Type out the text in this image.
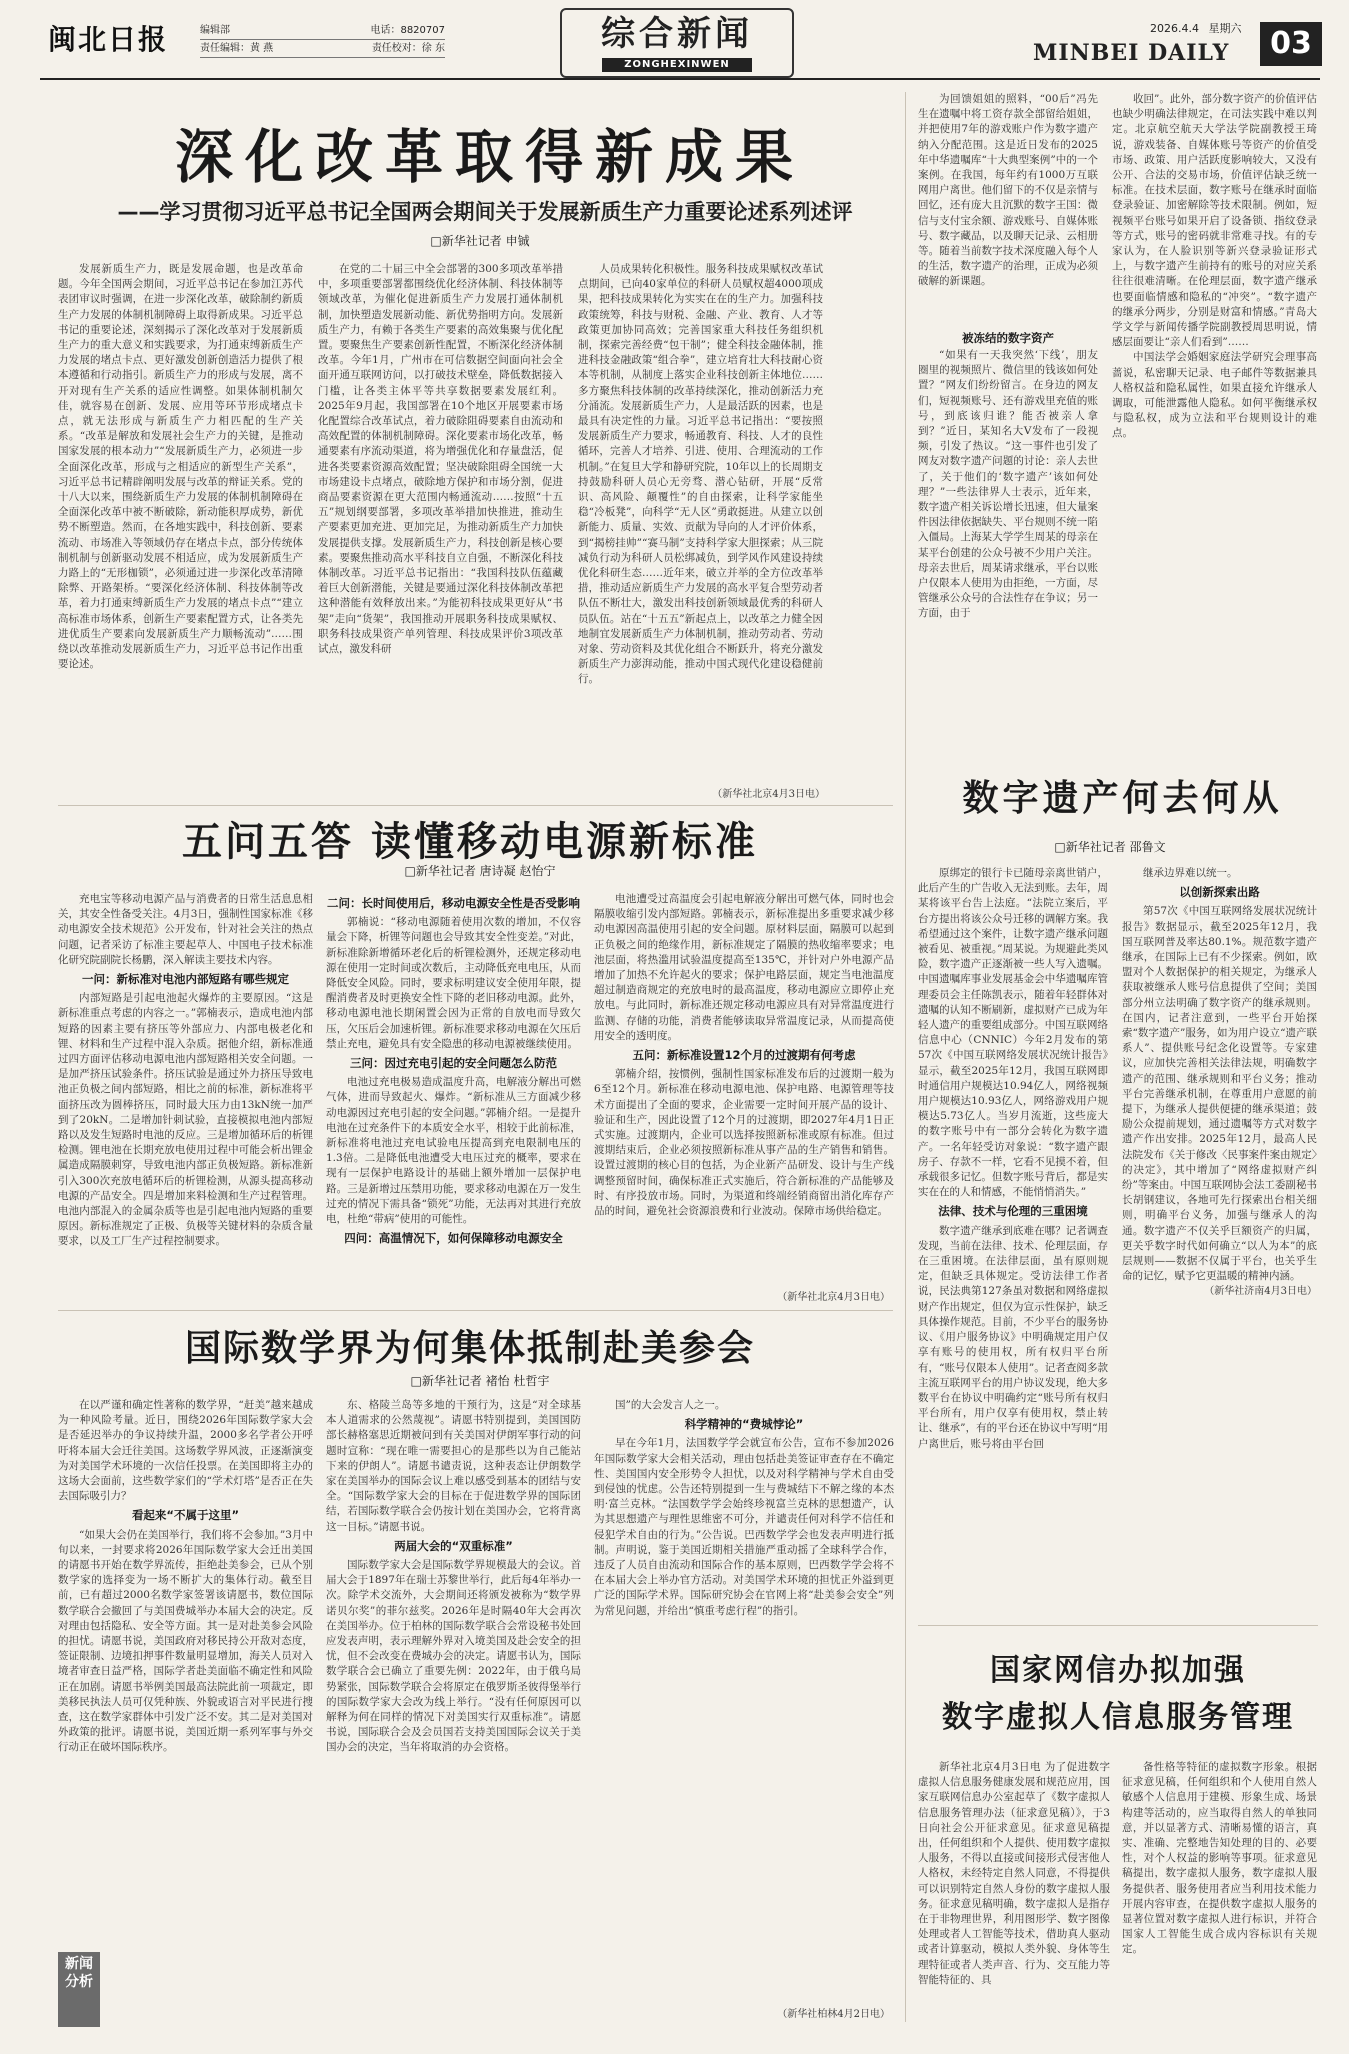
闽北日报	编辑部	电话：8820707
责任编辑：黄 燕	责任校对：徐 东	综合新闻
ZONGHEXINWEN
2026.4.4 星期六
MINBEI DAILY	03
深化改革取得新成果
——学习贯彻习近平总书记全国两会期间关于发展新质生产力重要论述系列述评
□新华社记者 申铖

发展新质生产力，既是发展命题，也是改革命题。今年全国两会期间，习近平总书记在参加江苏代表团审议时强调，在进一步深化改革，破除制约新质生产力发展的体制机制障碍上取得新成果。习近平总书记的重要论述，深刻揭示了深化改革对于发展新质生产力的重大意义和实践要求，为打通束缚新质生产力发展的堵点卡点、更好激发创新创造活力提供了根本遵循和行动指引。新质生产力的形成与发展，离不开对现有生产关系的适应性调整。如果体制机制欠佳，就容易在创新、发展、应用等环节形成堵点卡点，就无法形成与新质生产力相匹配的生产关系。“改革是解放和发展社会生产力的关键，是推动国家发展的根本动力”“发展新质生产力，必须进一步全面深化改革，形成与之相适应的新型生产关系”，习近平总书记精辟阐明发展与改革的辩证关系。党的十八大以来，围绕新质生产力发展的体制机制障碍在全面深化改革中被不断破除，新动能积厚成势，新优势不断塑造。然而，在各地实践中，科技创新、要素流动、市场准入等领域仍存在堵点卡点，部分传统体制机制与创新驱动发展不相适应，成为发展新质生产力路上的“无形枷锁”，必须通过进一步深化改革清障除弊、开路架桥。“要深化经济体制、科技体制等改革，着力打通束缚新质生产力发展的堵点卡点”“建立高标准市场体系，创新生产要素配置方式，让各类先进优质生产要素向发展新质生产力顺畅流动”……围绕以改革推动发展新质生产力，习近平总书记作出重要论述。

在党的二十届三中全会部署的300多项改革举措中，多项重要部署都围绕优化经济体制、科技体制等领域改革，为催化促进新质生产力发展打通体制机制，加快塑造发展新动能、新优势指明方向。发展新质生产力，有赖于各类生产要素的高效集聚与优化配置。要聚焦生产要素创新性配置，不断深化经济体制改革。今年1月，广州市在可信数据空间面向社会全面开通互联网访问，以打破技术壁垒，降低数据接入门槛，让各类主体平等共享数据要素发展红利。2025年9月起，我国部署在10个地区开展要素市场化配置综合改革试点，着力破除阻碍要素自由流动和高效配置的体制机制障碍。深化要素市场化改革，畅通要素有序流动渠道，将为增强优化和存量盘活，促进各类要素资源高效配置；坚决破除阻碍全国统一大市场建设卡点堵点，破除地方保护和市场分割，促进商品要素资源在更大范围内畅通流动……按照“十五五”规划纲要部署，多项改革举措加快推进，推动生产要素更加充进、更加完足，为推动新质生产力加快发展提供支撑。发展新质生产力，科技创新是核心要素。要聚焦推动高水平科技自立自强，不断深化科技体制改革。习近平总书记指出：“我国科技队伍蕴藏着巨大创新潜能，关键是要通过深化科技体制改革把这种潜能有效释放出来。”为能初科技成果更好从“书架”走向“货架”，我国推动开展职务科技成果赋权、职务科技成果资产单列管理、科技成果评价3项改革试点，激发科研

人员成果转化积极性。服务科技成果赋权改革试点期间，已向40家单位的科研人员赋权超4000项成果，把科技成果转化为实实在在的生产力。加强科技政策统筹，科技与财税、金融、产业、教育、人才等政策更加协同高效；完善国家重大科技任务组织机制，探索完善经费“包干制”；健全科技金融体制，推进科技金融政策“组合拳”，建立培育壮大科技耐心资本等机制，从制度上落实企业科技创新主体地位……多方聚焦科技体制的改革持续深化，推动创新活力充分涌流。发展新质生产力，人是最活跃的因素，也是最具有决定性的力量。习近平总书记指出：“要按照发展新质生产力要求，畅通教育、科技、人才的良性循环，完善人才培养、引进、使用、合理流动的工作机制。”在复旦大学和静研究院，10年以上的长周期支持鼓励科研人员心无旁骛、潜心钻研，开展“反常识、高风险、颠覆性”的自由探索，让科学家能坐稳“冷板凳”，向科学“无人区”勇敢挺进。从建立以创新能力、质量、实效、贡献为导向的人才评价体系，到“揭榜挂帅”“赛马制”支持科学家大胆探索；从三院减负行动为科研人员松绑减负，到学风作风建设持续优化科研生态……近年来，破立并举的全方位改革举措，推动适应新质生产力发展的高水平复合型劳动者队伍不断壮大，激发出科技创新领域最优秀的科研人员队伍。站在“十五五”新起点上，以改革之力健全因地制宜发展新质生产力体制机制，推动劳动者、劳动对象、劳动资料及其优化组合不断跃升，将充分激发新质生产力澎湃动能，推动中国式现代化建设稳健前行。

（新华社北京4月3日电）

为回馈姐姐的照料，“00后”冯先生在遗嘱中将工资存款全部留给姐姐，并把使用7年的游戏账户作为数字遗产纳入分配范围。这是近日发布的2025年中华遗嘱库“十大典型案例”中的一个案例。在我国，每年约有1000万互联网用户离世。他们留下的不仅是亲情与回忆，还有庞大且沉默的数字王国：微信与支付宝余额、游戏账号、自媒体账号、数字藏品，以及聊天记录、云相册等。随着当前数字技术深度融入每个人的生活，数字遗产的治理，正成为必须破解的新课题。

被冻结的数字资产

“如果有一天我突然‘下线’，朋友圈里的视频照片、微信里的钱该如何处置？”网友们纷纷留言。在身边的网友们，短视频账号、还有游戏里充值的账号，到底该归谁？能否被亲人拿到？”近日，某知名大V发布了一段视频，引发了热议。“这一事件也引发了网友对数字遗产问题的讨论：亲人去世了，关于他们的‘数字遗产’该如何处理？”一些法律界人士表示，近年来，数字遗产相关诉讼增长迅速，但大量案件因法律依据缺失、平台规则不统一陷入僵局。上海某大学学生周某的母亲在某平台创建的公众号被不少用户关注。母亲去世后，周某请求继承，平台以账户仅限本人使用为由拒绝，一方面，尽管继承公众号的合法性存在争议；另一方面，由于

收回”。此外，部分数字资产的价值评估也缺少明确法律规定，在司法实践中难以判定。北京航空航天大学法学院副教授王琦说，游戏装备、自媒体账号等资产的价值受市场、政策、用户活跃度影响较大，又没有公开、合法的交易市场，价值评估缺乏统一标准。在技术层面，数字账号在继承时面临登录验证、加密解除等技术限制。例如，短视频平台账号如果开启了设备锁、指纹登录等方式，账号的密码就非常难寻找。有的专家认为，在人脸识别等新兴登录验证形式上，与数字遗产生前持有的账号的对应关系往往很难清晰。在伦理层面，数字遗产继承也要面临情感和隐私的“冲突”。“数字遗产的继承分两步，分别是财富和情感。”青岛大学文学与新闻传播学院副教授周思明说，情感层面要让“亲人们看到”……

中国法学会婚姻家庭法学研究会理事高蔷说，私密聊天记录、电子邮件等数据兼具人格权益和隐私属性，如果直接允许继承人调取，可能泄露他人隐私。如何平衡继承权与隐私权，成为立法和平台规则设计的难点。

数字遗产何去何从
□新华社记者 邵鲁文

原绑定的银行卡已随母亲离世销户，此后产生的广告收入无法到账。去年，周某将该平台告上法庭。“法院立案后，平台方提出将该公众号迁移的调解方案。我希望通过这个案件，让数字遗产继承问题被看见、被重视。”周某说。为规避此类风险，数字遗产正逐渐被一些人写入遗嘱。中国遗嘱库事业发展基金会中华遗嘱库管理委员会主任陈凯表示，随着年轻群体对遗嘱的认知不断刷新，虚拟财产已成为年轻人遗产的重要组成部分。中国互联网络信息中心（CNNIC）今年2月发布的第57次《中国互联网络发展状况统计报告》显示，截至2025年12月，我国互联网即时通信用户规模达10.94亿人，网络视频用户规模达10.93亿人，网络游戏用户规模达5.73亿人。当岁月流逝，这些庞大的数字账号中有一部分会转化为数字遗产。一名年轻受访对象说：“数字遗产跟房子、存款不一样，它看不见摸不着，但承载很多记忆。但数字账号背后，都是实实在在的人和情感，不能悄悄消失。”

法律、技术与伦理的三重困境

数字遗产继承到底难在哪？记者调查发现，当前在法律、技术、伦理层面，存在三重困境。在法律层面，虽有原则规定，但缺乏具体规定。受访法律工作者说，民法典第127条虽对数据和网络虚拟财产作出规定，但仅为宣示性保护，缺乏具体操作规范。目前，不少平台的服务协议、《用户服务协议》中明确规定用户仅享有账号的使用权，所有权归平台所有，“账号仅限本人使用”。记者查阅多款主流互联网平台的用户协议发现，绝大多数平台在协议中明确约定“账号所有权归平台所有，用户仅享有使用权，禁止转让、继承”，有的平台还在协议中写明“用户离世后，账号将由平台回

继承边界难以统一。

以创新探索出路

第57次《中国互联网络发展状况统计报告》数据显示，截至2025年12月，我国互联网普及率达80.1%。规范数字遗产继承，在国际上已有不少探索。例如，欧盟对个人数据保护的相关规定，为继承人获取被继承人账号信息提供了空间；美国部分州立法明确了数字资产的继承规则。在国内，记者注意到，一些平台开始探索“数字遗产”服务，如为用户设立“遗产联系人”、提供账号纪念化设置等。专家建议，应加快完善相关法律法规，明确数字遗产的范围、继承规则和平台义务；推动平台完善继承机制，在尊重用户意愿的前提下，为继承人提供便捷的继承渠道；鼓励公众提前规划，通过遗嘱等方式对数字遗产作出安排。2025年12月，最高人民法院发布《关于修改〈民事案件案由规定〉的决定》，其中增加了“网络虚拟财产纠纷”等案由。中国互联网协会法工委副秘书长胡钢建议，各地可先行探索出台相关细则，明确平台义务，加强与继承人的沟通。数字遗产不仅关乎巨额资产的归属，更关乎数字时代如何确立“以人为本”的底层规则——数据不仅属于平台，也关乎生命的记忆，赋予它更温暖的精神内涵。

（新华社济南4月3日电）
国家网信办拟加强
数字虚拟人信息服务管理

新华社北京4月3日电 为了促进数字虚拟人信息服务健康发展和规范应用，国家互联网信息办公室起草了《数字虚拟人信息服务管理办法（征求意见稿）》，于3日向社会公开征求意见。征求意见稿提出，任何组织和个人提供、使用数字虚拟人服务，不得以直接或间接形式侵害他人人格权，未经特定自然人同意，不得提供可以识别特定自然人身份的数字虚拟人服务。征求意见稿明确，数字虚拟人是指存在于非物理世界，利用图形学、数字图像处理或者人工智能等技术，借助真人驱动或者计算驱动，模拟人类外貌、身体等生理特征或者人类声音、行为、交互能力等智能特征的、具

备性格等特征的虚拟数字形象。根据征求意见稿，任何组织和个人使用自然人敏感个人信息用于建模、形象生成、场景构建等活动的，应当取得自然人的单独同意，并以显著方式、清晰易懂的语言，真实、准确、完整地告知处理的目的、必要性，对个人权益的影响等事项。征求意见稿提出，数字虚拟人服务，数字虚拟人服务提供者、服务使用者应当利用技术能力开展内容审查，在提供数字虚拟人服务的显著位置对数字虚拟人进行标识，并符合国家人工智能生成合成内容标识有关规定。

五问五答 读懂移动电源新标准
□新华社记者 唐诗凝 赵怡宁

充电宝等移动电源产品与消费者的日常生活息息相关，其安全性备受关注。4月3日，强制性国家标准《移动电源安全技术规范》公开发布，针对社会关注的热点问题，记者采访了标准主要起草人、中国电子技术标准化研究院副院长杨鹏，深入解读主要技术内容。

一问：新标准对电池内部短路有哪些规定

内部短路是引起电池起火爆炸的主要原因。“这是新标准重点考虑的内容之一。”郭楠表示，造成电池内部短路的因素主要有挤压等外部应力、内部电极老化和锂、材料和生产过程中混入杂质。据他介绍，新标准通过四方面评估移动电源电池内部短路相关安全问题。一是加严挤压试验条件。挤压试验是通过外力挤压导致电池正负极之间内部短路，相比之前的标准，新标准将平面挤压改为圆棒挤压，同时最大压力由13kN统一加严到了20kN。二是增加针刺试验，直接模拟电池内部短路以及发生短路时电池的反应。三是增加循环后的析锂检测。锂电池在长期充放电使用过程中可能会析出锂金属造成隔膜刺穿，导致电池内部正负极短路。新标准新引入300次充放电循环后的析锂检测，从源头提高移动电源的产品安全。四是增加来料检测和生产过程管理。电池内部混入的金属杂质等也是引起电池内短路的重要原因。新标准规定了正极、负极等关键材料的杂质含量要求，以及工厂生产过程控制要求。

二问：长时间使用后，移动电源安全性是否受影响

郭楠说：“移动电源随着使用次数的增加，不仅容量会下降，析锂等问题也会导致其安全性变差。”对此，新标准除新增循环老化后的析锂检测外，还规定移动电源在使用一定时间或次数后，主动降低充电电压，从而降低安全风险。同时，要求标明建议安全使用年限，提醒消费者及时更换安全性下降的老旧移动电源。此外，移动电源电池长期闲置会因为正常的自放电而导致欠压，欠压后会加速析锂。新标准要求移动电源在欠压后禁止充电，避免具有安全隐患的移动电源被继续使用。

三问：因过充电引起的安全问题怎么防范

电池过充电极易造成温度升高，电解液分解出可燃气体，进而导致起火、爆炸。“新标准从三方面减少移动电源因过充电引起的安全问题。”郭楠介绍。一是提升电池在过充条件下的本质安全水平，相较于此前标准，新标准将电池过充电试验电压提高到充电限制电压的1.3倍。二是降低电池遭受大电压过充的概率，要求在现有一层保护电路设计的基础上额外增加一层保护电路。三是新增过压禁用功能，要求移动电源在万一发生过充的情况下需具备“锁死”功能，无法再对其进行充放电，杜绝“带病”使用的可能性。

四问：高温情况下，如何保障移动电源安全

电池遭受过高温度会引起电解液分解出可燃气体，同时也会隔膜收缩引发内部短路。郭楠表示，新标准提出多重要求减少移动电源因高温使用引起的安全问题。原材料层面，隔膜可以起到正负极之间的绝缘作用，新标准规定了隔膜的热收缩率要求；电池层面，将热滥用试验温度提高至135℃，并针对户外电源产品增加了加热不允许起火的要求；保护电路层面，规定当电池温度超过制造商规定的充放电时的最高温度，移动电源应立即停止充放电。与此同时，新标准还规定移动电源应具有对异常温度进行监测、存储的功能，消费者能够读取异常温度记录，从而提高使用安全的透明度。

五问：新标准设置12个月的过渡期有何考虑

郭楠介绍，按惯例，强制性国家标准发布后的过渡期一般为6至12个月。新标准在移动电源电池、保护电路、电源管理等技术方面提出了全面的要求，企业需要一定时间开展产品的设计、验证和生产，因此设置了12个月的过渡期，即2027年4月1日正式实施。过渡期内，企业可以选择按照新标准或原有标准。但过渡期结束后，企业必须按照新标准从事产品的生产销售和销售。设置过渡期的核心目的包括，为企业新产品研发、设计与生产线调整预留时间，确保标准正式实施后，符合新标准的产品能够及时、有序投放市场。同时，为渠道和终端经销商留出消化库存产品的时间，避免社会资源浪费和行业波动。保障市场供给稳定。

（新华社北京4月3日电）
国际数学界为何集体抵制赴美参会
□新华社记者 褚怡 杜哲宇

在以严谨和确定性著称的数学界，“赶美”越来越成为一种风险考量。近日，围绕2026年国际数学家大会是否延迟举办的争议持续升温，2000多名学者公开呼吁将本届大会迁往美国。这场数学界风波，正逐渐演变为对美国学术环境的一次信任投票。在美国即将主办的这场大会面前，这些数学家们的“学术灯塔”是否正在失去国际吸引力？

看起来“不属于这里”

“如果大会仍在美国举行，我们将不会参加。”3月中旬以来，一封要求将2026年国际数学家大会迁出美国的请愿书开始在数学界流传，拒绝赴美参会，已从个别数学家的选择变为一场不断扩大的集体行动。截至目前，已有超过2000名数学家签署该请愿书，数位国际数学联合会撤回了与美国费城举办本届大会的决定。反对理由包括隐私、安全等方面。其一是对赴美参会风险的担忧。请愿书说，美国政府对移民持公开敌对态度，签证限制、边境扣押事件数量明显增加，海关人员对入境者审查日益严格，国际学者赴美面临不确定性和风险正在加剧。请愿书举例美国最高法院此前一项裁定，即美移民执法人员可仅凭种族、外貌或语言对平民进行搜查，这在数学家群体中引发广泛不安。其二是对美国对外政策的批评。请愿书说，美国近期一系列军事与外交行动正在破坏国际秩序。

新闻分析

东、格陵兰岛等多地的干预行为，这是“对全球基本人道需求的公然蔑视”。请愿书特别提到，美国国防部长赫格塞思近期被问到有关美国对伊朗军事行动的问题时宣称：“现在唯一需要担心的是那些以为自己能站下来的伊朗人”。请愿书谴责说，这种表态让伊朗数学家在美国举办的国际会议上难以感受到基本的团结与安全。“国际数学家大会的目标在于促进数学界的国际团结，若国际数学联合会仍按计划在美国办会，它将背离这一目标。”请愿书说。

两届大会的“双重标准”

国际数学家大会是国际数学界规模最大的会议。首届大会于1897年在瑞士苏黎世举行，此后每4年举办一次。除学术交流外，大会期间还将颁发被称为“数学界诺贝尔奖”的菲尔兹奖。2026年是时隔40年大会再次在美国举办。位于柏林的国际数学联合会常设秘书处回应发表声明，表示理解外界对入境美国及赴会安全的担忧，但不会改变在费城办会的决定。请愿书认为，国际数学联合会已确立了重要先例：2022年，由于俄乌局势紧张，国际数学联合会将原定在俄罗斯圣彼得堡举行的国际数学家大会改为线上举行。“没有任何原因可以解释为何在同样的情况下对美国实行双重标准”。请愿书说，国际联合会及会员国若支持美国国际会议关于美国办会的决定，当年将取消的办会资格。

国”的大会发言人之一。

科学精神的“费城悖论”

早在今年1月，法国数学学会就宣布公告，宣布不参加2026年国际数学家大会相关活动，理由包括赴美签证审查存在不确定性、美国国内安全形势令人担忧，以及对科学精神与学术自由受到侵蚀的忧虑。公告还特别提到一生与费城结下不解之缘的本杰明·富兰克林。“法国数学学会始终珍视富兰克林的思想遗产，认为其思想遗产与理性思维密不可分，并谴责任何对科学不信任和侵犯学术自由的行为。”公告说。巴西数学学会也发表声明进行抵制。声明说，鉴于美国近期相关措施严重动摇了全球科学合作，违反了人员自由流动和国际合作的基本原则，巴西数学学会将不在本届大会上举办官方活动。对美国学术环境的担忧正外溢到更广泛的国际学术界。国际研究协会在官网上将“赴美参会安全”列为常见问题，并给出“慎重考虑行程”的指引。

（新华社柏林4月2日电）
